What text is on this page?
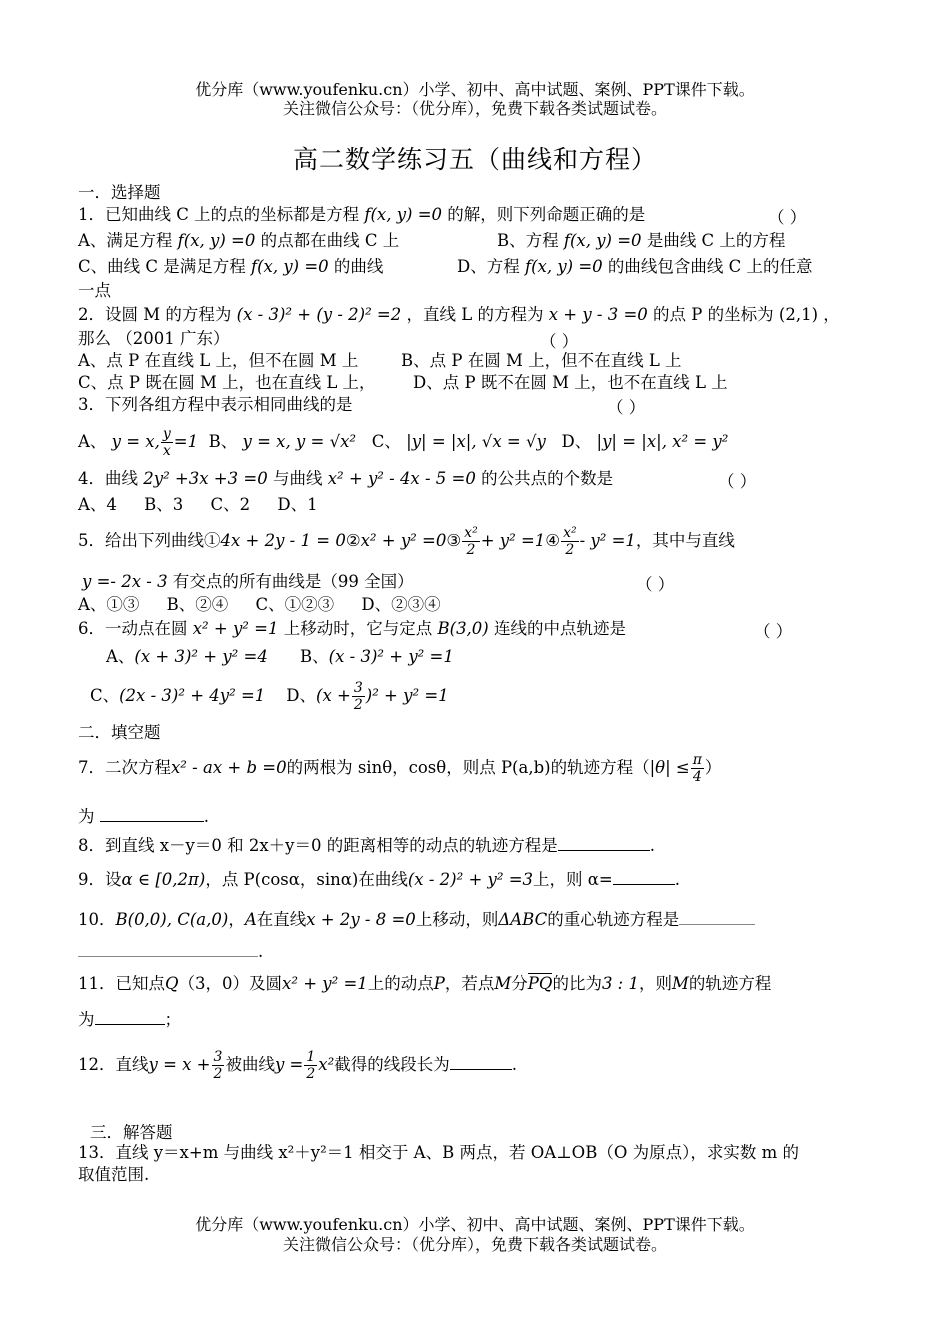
优分库（www.youfenku.cn）小学、初中、高中试题、案例、PPT课件下载。
关注微信公众号：（优分库），免费下载各类试题试卷。
高二数学练习五（曲线和方程）
一．选择题
1．已知曲线 C 上的点的坐标都是方程 f(x, y) =0 的解，则下列命题正确的是	（ ）
A、满足方程 f(x, y) =0 的点都在曲线 C 上	B、方程 f(x, y) =0 是曲线 C 上的方程
C、曲线 C 是满足方程 f(x, y) =0 的曲线	D、方程 f(x, y) =0 的曲线包含曲线 C 上的任意
一点
2．设圆 M 的方程为 (x - 3)² + (y - 2)² =2 ，直线 L 的方程为 x + y - 3 =0 的点 P 的坐标为 (2,1) ，
那么 （2001 广东）	（ ）
A、点 P 在直线 L 上，但不在圆 M 上	B、点 P 在圆 M 上，但不在直线 L 上
C、点 P 既在圆 M 上，也在直线 L 上，	D、点 P 既不在圆 M 上，也不在直线 L 上
3．下列各组方程中表示相同曲线的是	（ ）
A、 y = x, $\frac{y}{x} =1$ B、 y = x, y = √x² C、 |y| = |x|, √x = √y D、 |y| = |x|, x² = y²
4．曲线 2y² +3x +3 =0 与曲线 x² + y² - 4x - 5 =0 的公共点的个数是	（ ）
A、4 B、3 C、2 D、1
5．给出下列曲线①4x + 2y - 1 = 0②x² + y² =0③ $\frac{\text{x²}}{2} + y^2$ =1④ $\frac{\text{x²}}{2} - y^2 =1$，其中与直线
y =- 2x - 3 有交点的所有曲线是（99 全国）	（ ）
A、①③ B、②④ C、①②③ D、②③④
6．一动点在圆 x² + y² =1 上移动时，它与定点 B(3,0) 连线的中点轨迹是	（ ）
A、(x + 3)² + y² =4	B、(x - 3)² + y² =1
C、(2x - 3)² + 4y² =1 D、$(x + \frac{3}{2} )^2 + y^2 =1$
二．填空题
7．二次方程x² - ax + b =0的两根为 sinθ，cosθ，则点 P(a,b)的轨迹方程（$|\theta| \le \frac{\pi}{4}$ ）
为	.
8．到直线 x－y＝0 和 2x＋y＝0 的距离相等的动点的轨迹方程是	.
9．设α ∈ [0,2π)，点 P(cosα，sinα)在曲线(x - 2)² + y² =3上，则 α=	.
10．B(0,0), C(a,0)，A在直线x + 2y - 8 =0上移动，则ΔABC的重心轨迹方程是
.
11．已知点Q（3，0）及圆x² + y² =1上的动点P，若点M分PQ的比为3 : 1，则M的轨迹方程
为	；
12．直线$y = x + \frac{3}{2}$ 被曲线$y = \frac{1}{2} x^2$截得的线段长为	.
三．解答题
13．直线 y＝x+m 与曲线 x²＋y²＝1 相交于 A、B 两点，若 OA⊥OB（O 为原点），求实数 m 的
取值范围.
优分库（www.youfenku.cn）小学、初中、高中试题、案例、PPT课件下载。
关注微信公众号：（优分库），免费下载各类试题试卷。
